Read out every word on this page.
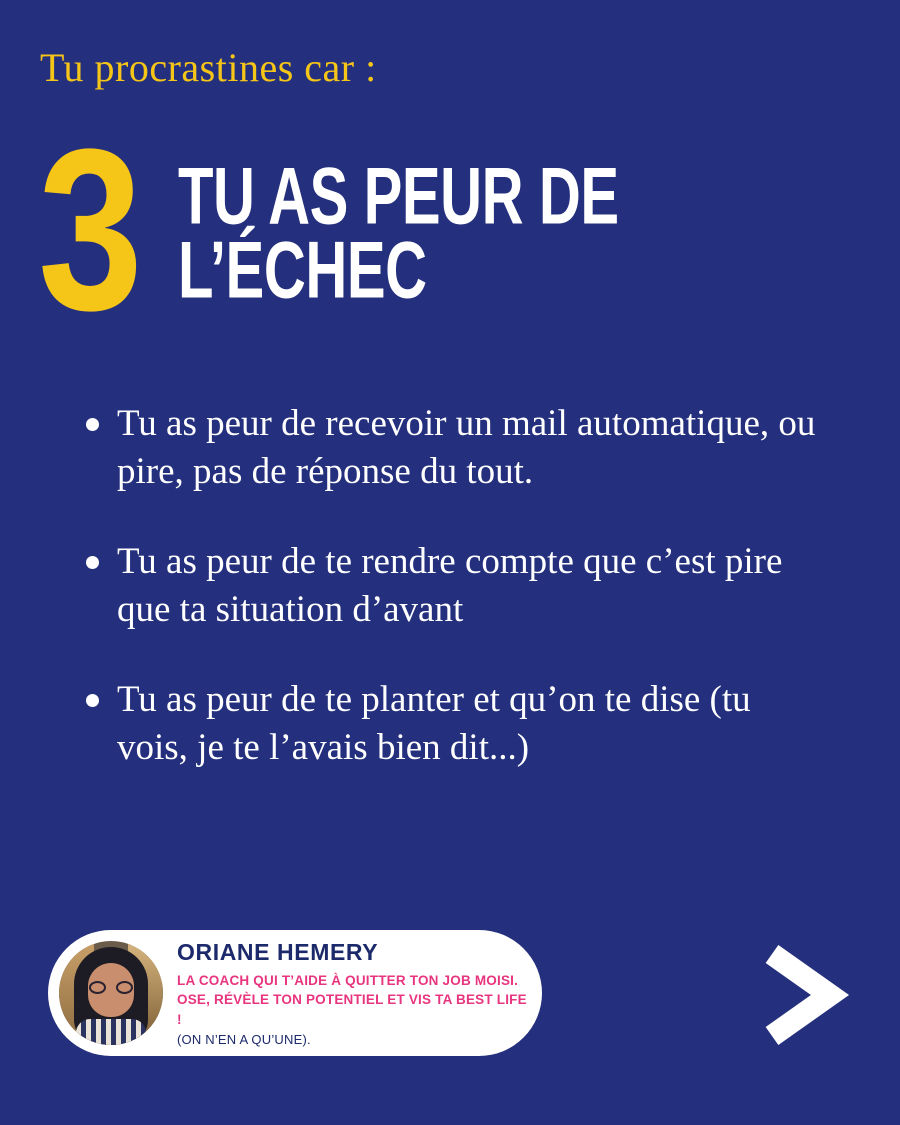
Tu procrastines car :
3 TU AS PEUR DE L’ÉCHEC
Tu as peur de recevoir un mail automatique, ou pire, pas de réponse du tout.
Tu as peur de te rendre compte que c’est pire que ta situation d’avant
Tu as peur de te planter et qu’on te dise (tu vois, je te l’avais bien dit...)
ORIANE HEMERY
LA COACH QUI T’AIDE À QUITTER TON JOB MOISI.
OSE, RÉVÈLE TON POTENTIEL ET VIS TA BEST LIFE !
(ON N’EN A QU’UNE).
